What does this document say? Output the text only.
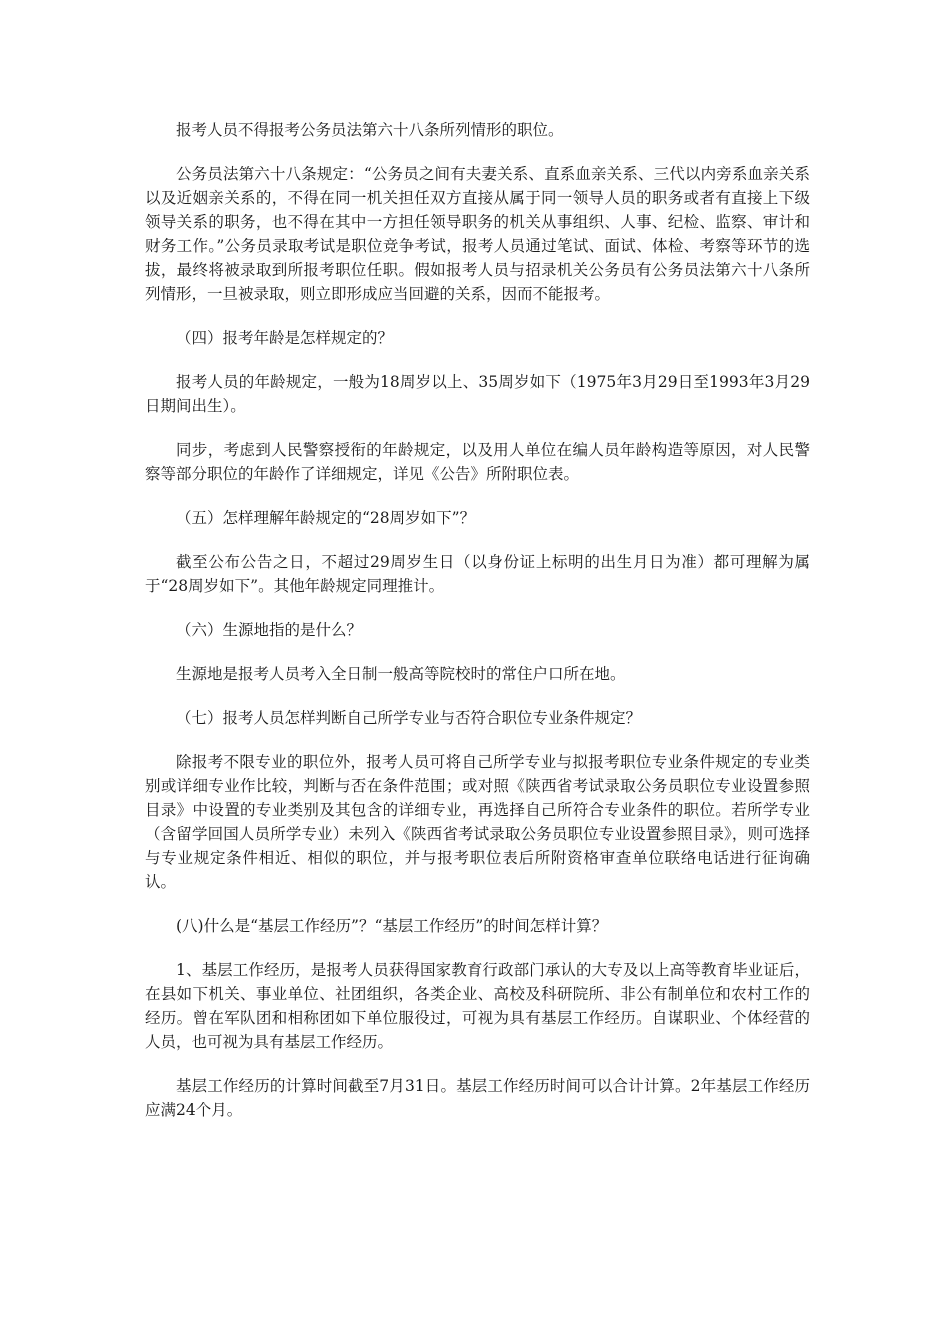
报考人员不得报考公务员法第六十八条所列情形的职位。

公务员法第六十八条规定：“公务员之间有夫妻关系、直系血亲关系、三代以内旁系血亲关系以及近姻亲关系的，不得在同一机关担任双方直接从属于同一领导人员的职务或者有直接上下级领导关系的职务，也不得在其中一方担任领导职务的机关从事组织、人事、纪检、监察、审计和财务工作。”公务员录取考试是职位竞争考试，报考人员通过笔试、面试、体检、考察等环节的选拔，最终将被录取到所报考职位任职。假如报考人员与招录机关公务员有公务员法第六十八条所列情形，一旦被录取，则立即形成应当回避的关系，因而不能报考。

（四）报考年龄是怎样规定的？

报考人员的年龄规定，一般为18周岁以上、35周岁如下（1975年3月29日至1993年3月29日期间出生）。

同步，考虑到人民警察授衔的年龄规定，以及用人单位在编人员年龄构造等原因，对人民警察等部分职位的年龄作了详细规定，详见《公告》所附职位表。

（五）怎样理解年龄规定的“28周岁如下”？

截至公布公告之日，不超过29周岁生日（以身份证上标明的出生月日为准）都可理解为属于“28周岁如下”。其他年龄规定同理推计。

（六）生源地指的是什么？

生源地是报考人员考入全日制一般高等院校时的常住户口所在地。

（七）报考人员怎样判断自己所学专业与否符合职位专业条件规定？

除报考不限专业的职位外，报考人员可将自己所学专业与拟报考职位专业条件规定的专业类别或详细专业作比较，判断与否在条件范围；或对照《陕西省考试录取公务员职位专业设置参照目录》中设置的专业类别及其包含的详细专业，再选择自己所符合专业条件的职位。若所学专业（含留学回国人员所学专业）未列入《陕西省考试录取公务员职位专业设置参照目录》，则可选择与专业规定条件相近、相似的职位，并与报考职位表后所附资格审查单位联络电话进行征询确认。

(八)什么是“基层工作经历”？“基层工作经历”的时间怎样计算？

1、基层工作经历，是报考人员获得国家教育行政部门承认的大专及以上高等教育毕业证后，在县如下机关、事业单位、社团组织，各类企业、高校及科研院所、非公有制单位和农村工作的经历。曾在军队团和相称团如下单位服役过，可视为具有基层工作经历。自谋职业、个体经营的人员，也可视为具有基层工作经历。

基层工作经历的计算时间截至7月31日。基层工作经历时间可以合计计算。2年基层工作经历应满24个月。
